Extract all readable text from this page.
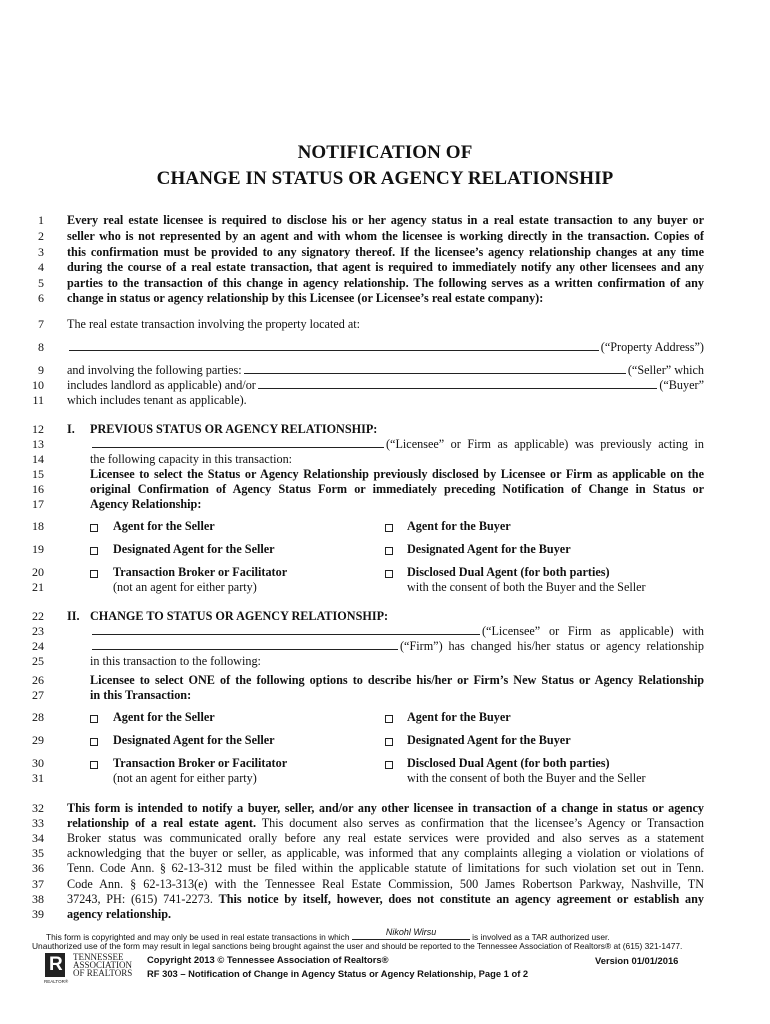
NOTIFICATION OF
CHANGE IN STATUS OR AGENCY RELATIONSHIP
1 Every real estate licensee is required to disclose his or her agency status in a real estate transaction to any buyer or
2 seller who is not represented by an agent and with whom the licensee is working directly in the transaction. Copies of
3 this confirmation must be provided to any signatory thereof. If the licensee’s agency relationship changes at any time
4 during the course of a real estate transaction, that agent is required to immediately notify any other licensees and any
5 parties to the transaction of this change in agency relationship. The following serves as a written confirmation of any
6 change in status or agency relationship by this Licensee (or Licensee’s real estate company):
7 The real estate transaction involving the property located at:
8	(“Property Address”)
9 and involving the following parties:	(“Seller” which
10 includes landlord as applicable) and/or	(“Buyer”
11 which includes tenant as applicable).
12 I. PREVIOUS STATUS OR AGENCY RELATIONSHIP:
13	(“Licensee” or Firm as applicable) was previously acting in
14	the following capacity in this transaction:
15	Licensee to select the Status or Agency Relationship previously disclosed by Licensee or Firm as applicable on the
16	original Confirmation of Agency Status Form or immediately preceding Notification of Change in Status or
17	Agency Relationship:
18	Agent for the Seller	Agent for the Buyer
19	Designated Agent for the Seller	Designated Agent for the Buyer
20	Transaction Broker or Facilitator	Disclosed Dual Agent (for both parties)
21	(not an agent for either party)	with the consent of both the Buyer and the Seller
22 II. CHANGE TO STATUS OR AGENCY RELATIONSHIP:
23	(“Licensee” or Firm as applicable) with
24	(“Firm”) has changed his/her status or agency relationship
25	in this transaction to the following:
26	Licensee to select ONE of the following options to describe his/her or Firm’s New Status or Agency Relationship
27	in this Transaction:
28	Agent for the Seller	Agent for the Buyer
29	Designated Agent for the Seller	Designated Agent for the Buyer
30	Transaction Broker or Facilitator	Disclosed Dual Agent (for both parties)
31	(not an agent for either party)	with the consent of both the Buyer and the Seller
32 This form is intended to notify a buyer, seller, and/or any other licensee in transaction of a change in status or agency
33 relationship of a real estate agent. This document also serves as confirmation that the licensee’s Agency or Transaction
34 Broker status was communicated orally before any real estate services were provided and also serves as a statement
35 acknowledging that the buyer or seller, as applicable, was informed that any complaints alleging a violation or violations of
36 Tenn. Code Ann. § 62-13-312 must be filed within the applicable statute of limitations for such violation set out in Tenn.
37 Code Ann. § 62-13-313(e) with the Tennessee Real Estate Commission, 500 James Robertson Parkway, Nashville, TN
38 37243, PH: (615) 741-2273. This notice by itself, however, does not constitute an agency agreement or establish any
39 agency relationship.
This form is copyrighted and may only be used in real estate transactions in which	Nikohl Wirsu	is involved as a TAR authorized user.
Unauthorized use of the form may result in legal sanctions being brought against the user and should be reported to the Tennessee Association of Realtors® at (615) 321-1477.
R TENNESSEE
ASSOCIATION
OF REALTORS
REALTOR®
Copyright 2013 © Tennessee Association of Realtors®	Version 01/01/2016
RF 303 – Notification of Change in Agency Status or Agency Relationship, Page 1 of 2
